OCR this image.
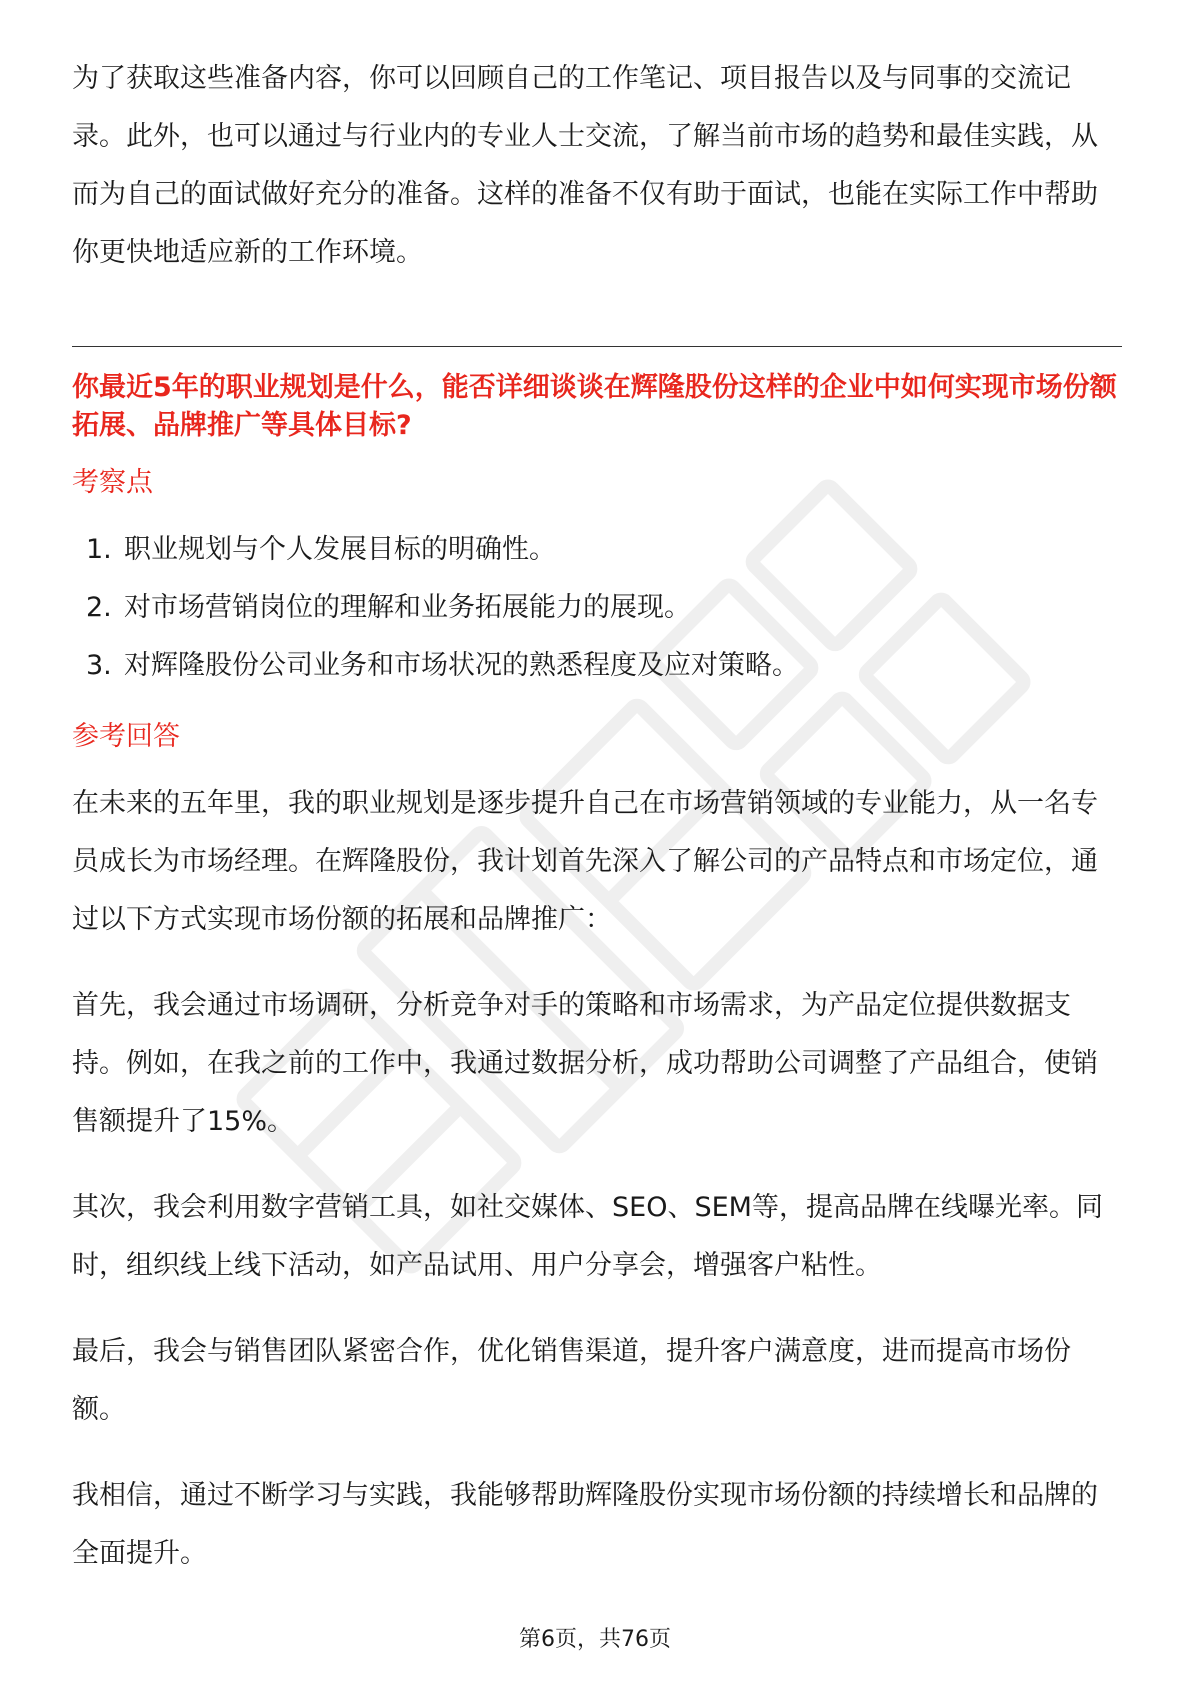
为了获取这些准备内容，你可以回顾自己的工作笔记、项目报告以及与同事的交流记录。此外，也可以通过与行业内的专业人士交流，了解当前市场的趋势和最佳实践，从而为自己的面试做好充分的准备。这样的准备不仅有助于面试，也能在实际工作中帮助你更快地适应新的工作环境。

你最近5年的职业规划是什么，能否详细谈谈在辉隆股份这样的企业中如何实现市场份额拓展、品牌推广等具体目标?

考察点
1. 职业规划与个人发展目标的明确性。
2. 对市场营销岗位的理解和业务拓展能力的展现。
3. 对辉隆股份公司业务和市场状况的熟悉程度及应对策略。
参考回答

在未来的五年里，我的职业规划是逐步提升自己在市场营销领域的专业能力，从一名专员成长为市场经理。在辉隆股份，我计划首先深入了解公司的产品特点和市场定位，通过以下方式实现市场份额的拓展和品牌推广：

首先，我会通过市场调研，分析竞争对手的策略和市场需求，为产品定位提供数据支持。例如，在我之前的工作中，我通过数据分析，成功帮助公司调整了产品组合，使销售额提升了15%。

其次，我会利用数字营销工具，如社交媒体、SEO、SEM等，提高品牌在线曝光率。同时，组织线上线下活动，如产品试用、用户分享会，增强客户粘性。

最后，我会与销售团队紧密合作，优化销售渠道，提升客户满意度，进而提高市场份额。

我相信，通过不断学习与实践，我能够帮助辉隆股份实现市场份额的持续增长和品牌的全面提升。

第6页，共76页
